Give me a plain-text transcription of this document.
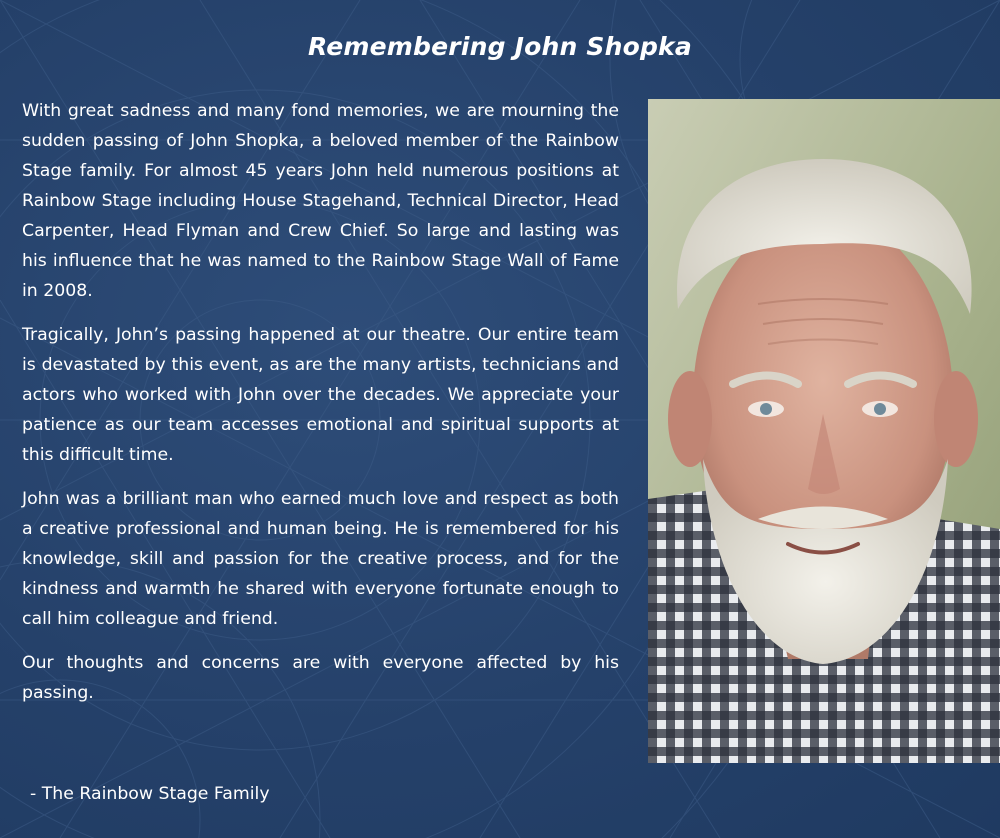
Remembering John Shopka

With great sadness and many fond memories, we are mourning the sudden passing of John Shopka, a beloved member of the Rainbow Stage family. For almost 45 years John held numerous positions at Rainbow Stage including House Stagehand, Technical Director, Head Carpenter, Head Flyman and Crew Chief. So large and lasting was his influence that he was named to the Rainbow Stage Wall of Fame in 2008.

Tragically, John’s passing happened at our theatre. Our entire team is devastated by this event, as are the many artists, technicians and actors who worked with John over the decades. We appreciate your patience as our team accesses emotional and spiritual supports at this difficult time.

John was a brilliant man who earned much love and respect as both a creative professional and human being. He is remembered for his knowledge, skill and passion for the creative process, and for the kindness and warmth he shared with everyone fortunate enough to call him colleague and friend.

Our thoughts and concerns are with everyone affected by his passing.

- The Rainbow Stage Family
